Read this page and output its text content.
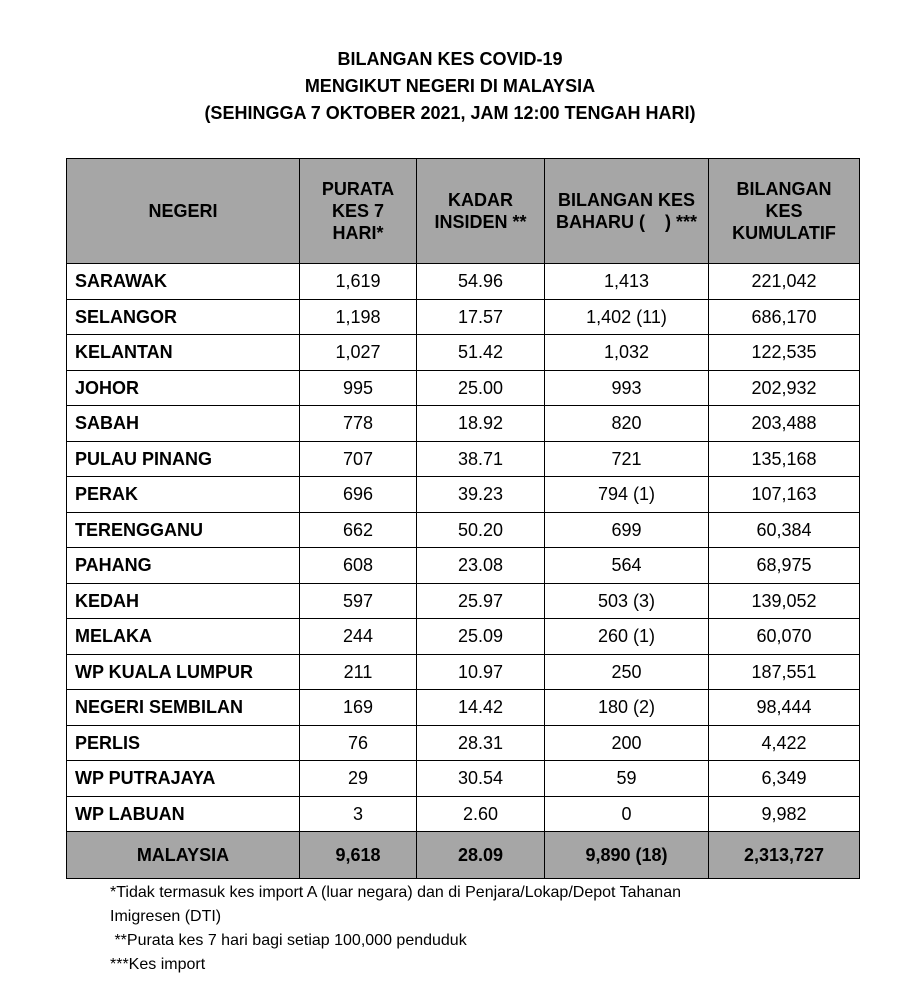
BILANGAN KES COVID-19
MENGIKUT NEGERI DI MALAYSIA
(SEHINGGA 7 OKTOBER 2021, JAM 12:00 TENGAH HARI)
NEGERI	PURATA KES 7 HARI*	KADAR INSIDEN **	BILANGAN KES BAHARU (    ) ***	BILANGAN KES KUMULATIF
SARAWAK	1,619	54.96	1,413	221,042
SELANGOR	1,198	17.57	1,402 (11)	686,170
KELANTAN	1,027	51.42	1,032	122,535
JOHOR	995	25.00	993	202,932
SABAH	778	18.92	820	203,488
PULAU PINANG	707	38.71	721	135,168
PERAK	696	39.23	794 (1)	107,163
TERENGGANU	662	50.20	699	60,384
PAHANG	608	23.08	564	68,975
KEDAH	597	25.97	503 (3)	139,052
MELAKA	244	25.09	260 (1)	60,070
WP KUALA LUMPUR	211	10.97	250	187,551
NEGERI SEMBILAN	169	14.42	180 (2)	98,444
PERLIS	76	28.31	200	4,422
WP PUTRAJAYA	29	30.54	59	6,349
WP LABUAN	3	2.60	0	9,982
MALAYSIA	9,618	28.09	9,890 (18)	2,313,727
*Tidak termasuk kes import A (luar negara) dan di Penjara/Lokap/Depot Tahanan
Imigresen (DTI)
**Purata kes 7 hari bagi setiap 100,000 penduduk
***Kes import
